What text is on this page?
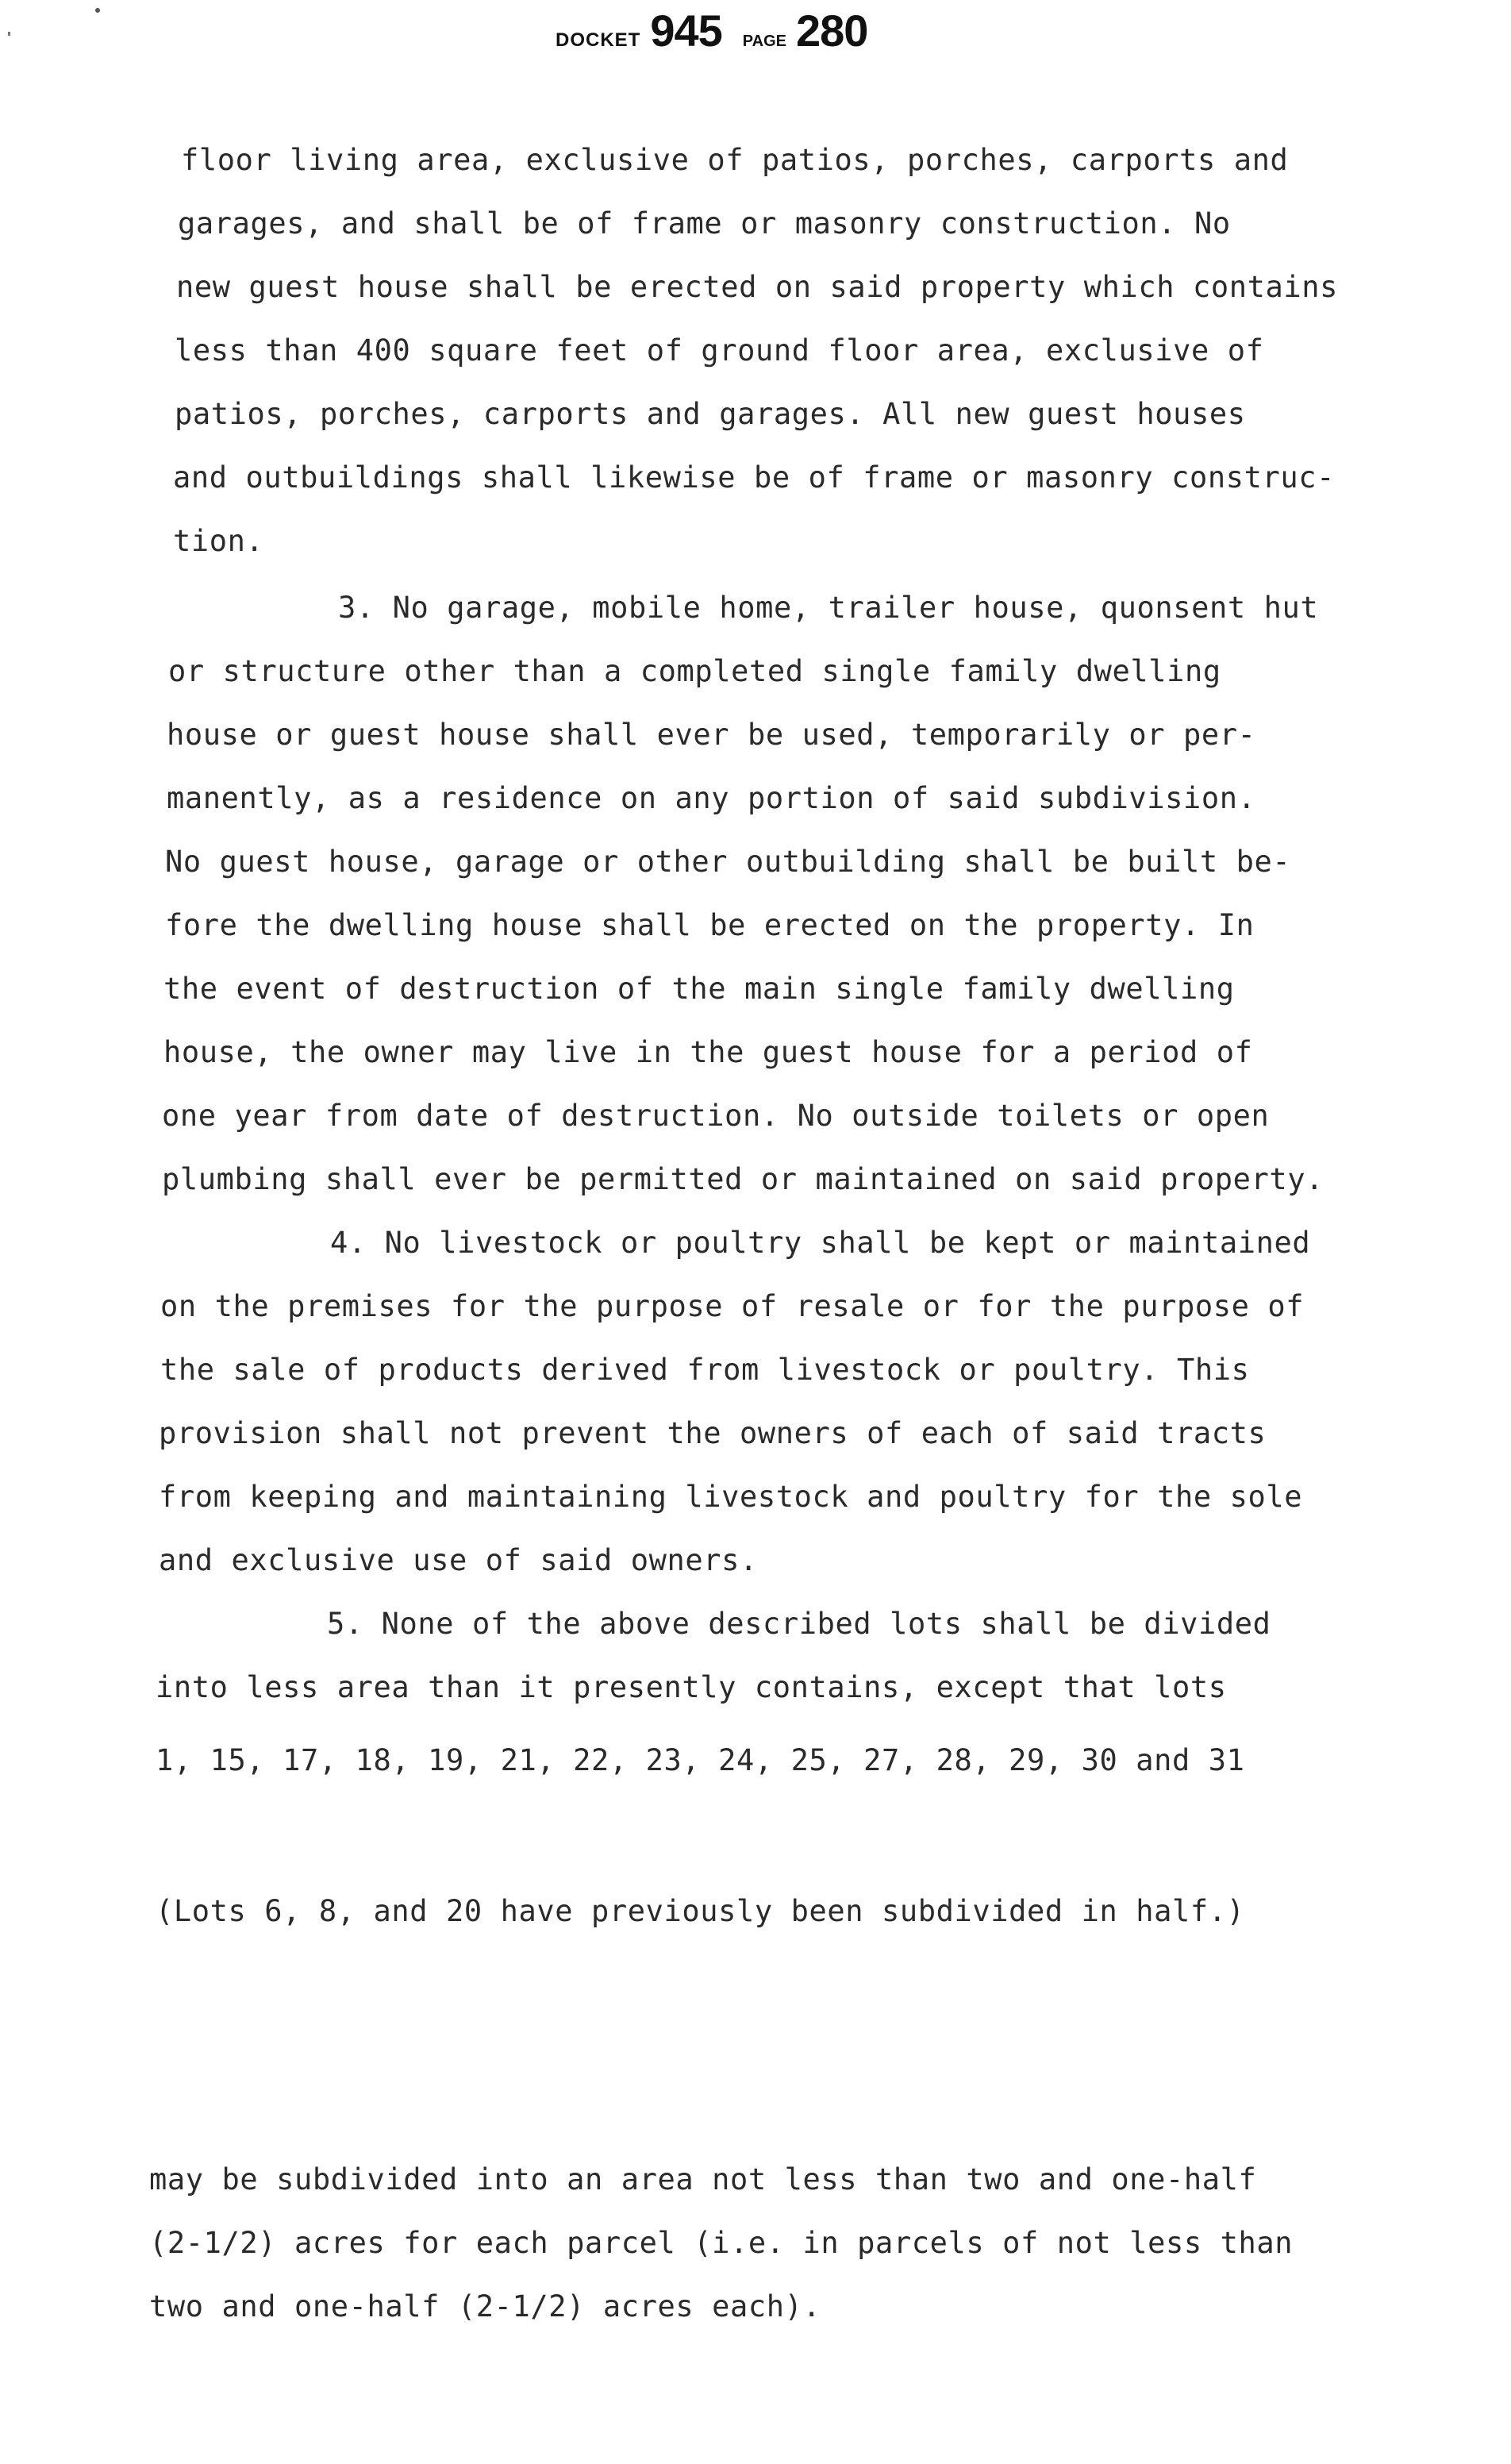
DOCKET 945 PAGE 280
floor living area, exclusive of patios, porches, carports and
garages, and shall be of frame or masonry construction. No
new guest house shall be erected on said property which contains
less than 400 square feet of ground floor area, exclusive of
patios, porches, carports and garages. All new guest houses
and outbuildings shall likewise be of frame or masonry construc-
tion.
3. No garage, mobile home, trailer house, quonsent hut
or structure other than a completed single family dwelling
house or guest house shall ever be used, temporarily or per-
manently, as a residence on any portion of said subdivision.
No guest house, garage or other outbuilding shall be built be-
fore the dwelling house shall be erected on the property. In
the event of destruction of the main single family dwelling
house, the owner may live in the guest house for a period of
one year from date of destruction. No outside toilets or open
plumbing shall ever be permitted or maintained on said property.
4. No livestock or poultry shall be kept or maintained
on the premises for the purpose of resale or for the purpose of
the sale of products derived from livestock or poultry. This
provision shall not prevent the owners of each of said tracts
from keeping and maintaining livestock and poultry for the sole
and exclusive use of said owners.
5. None of the above described lots shall be divided
into less area than it presently contains, except that lots
1, 15, 17, 18, 19, 21, 22, 23, 24, 25, 27, 28, 29, 30 and 31
(Lots 6, 8, and 20 have previously been subdivided in half.)
may be subdivided into an area not less than two and one-half
(2-1/2) acres for each parcel (i.e. in parcels of not less than
two and one-half (2-1/2) acres each).
